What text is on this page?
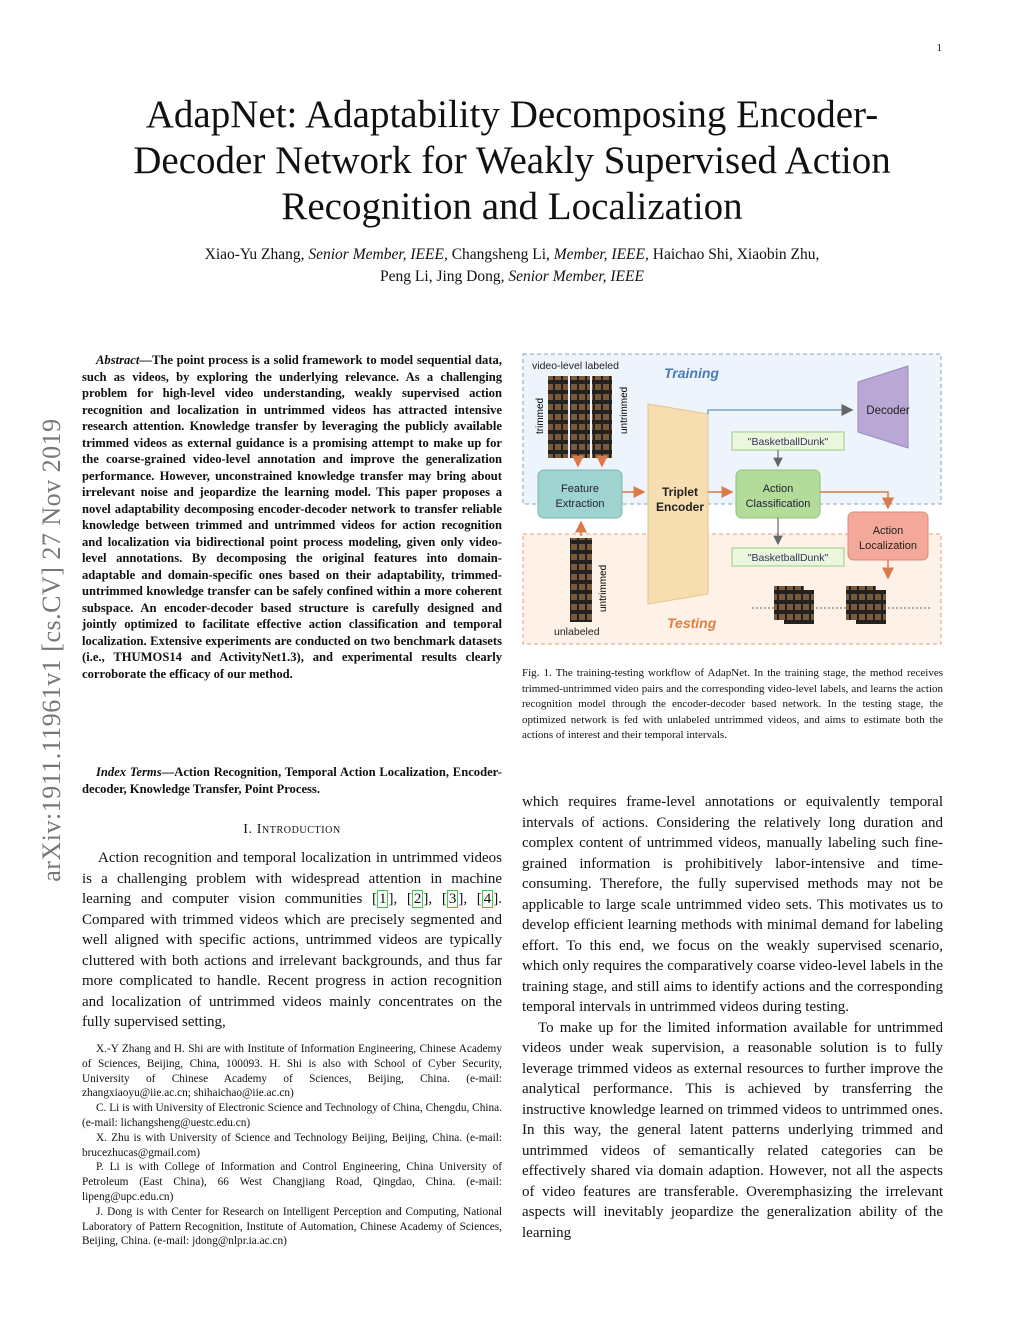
1
arXiv:1911.11961v1 [cs.CV] 27 Nov 2019
AdapNet: Adaptability Decomposing Encoder-Decoder Network for Weakly Supervised Action Recognition and Localization
Xiao-Yu Zhang, Senior Member, IEEE, Changsheng Li, Member, IEEE, Haichao Shi, Xiaobin Zhu,
Peng Li, Jing Dong, Senior Member, IEEE
Abstract—The point process is a solid framework to model sequential data, such as videos, by exploring the underlying relevance. As a challenging problem for high-level video understanding, weakly supervised action recognition and localization in untrimmed videos has attracted intensive research attention. Knowledge transfer by leveraging the publicly available trimmed videos as external guidance is a promising attempt to make up for the coarse-grained video-level annotation and improve the generalization performance. However, unconstrained knowledge transfer may bring about irrelevant noise and jeopardize the learning model. This paper proposes a novel adaptability decomposing encoder-decoder network to transfer reliable knowledge between trimmed and untrimmed videos for action recognition and localization via bidirectional point process modeling, given only video-level annotations. By decomposing the original features into domain-adaptable and domain-specific ones based on their adaptability, trimmed-untrimmed knowledge transfer can be safely confined within a more coherent subspace. An encoder-decoder based structure is carefully designed and jointly optimized to facilitate effective action classification and temporal localization. Extensive experiments are conducted on two benchmark datasets (i.e., THUMOS14 and ActivityNet1.3), and experimental results clearly corroborate the efficacy of our method.
Index Terms—Action Recognition, Temporal Action Localization, Encoder-decoder, Knowledge Transfer, Point Process.
I. Introduction
Action recognition and temporal localization in untrimmed videos is a challenging problem with widespread attention in machine learning and computer vision communities [ 1 ], [ 2 ], [ 3 ], [ 4 ]. Compared with trimmed videos which are precisely segmented and well aligned with specific actions, untrimmed videos are typically cluttered with both actions and irrelevant backgrounds, and thus far more complicated to handle. Recent progress in action recognition and localization of untrimmed videos mainly concentrates on the fully supervised setting,

X.-Y Zhang and H. Shi are with Institute of Information Engineering, Chinese Academy of Sciences, Beijing, China, 100093. H. Shi is also with School of Cyber Security, University of Chinese Academy of Sciences, Beijing, China. (e-mail: zhangxiaoyu@iie.ac.cn; shihaichao@iie.ac.cn)

C. Li is with University of Electronic Science and Technology of China, Chengdu, China. (e-mail: lichangsheng@uestc.edu.cn)

X. Zhu is with University of Science and Technology Beijing, Beijing, China. (e-mail: brucezhucas@gmail.com)

P. Li is with College of Information and Control Engineering, China University of Petroleum (East China), 66 West Changjiang Road, Qingdao, China. (e-mail: lipeng@upc.edu.cn)

J. Dong is with Center for Research on Intelligent Perception and Computing, National Laboratory of Pattern Recognition, Institute of Automation, Chinese Academy of Sciences, Beijing, China. (e-mail: jdong@nlpr.ia.ac.cn)

Training
Testing
video-level labeled
trimmed	untrimmed
untrimmed
unlabeled
Feature
Extraction
Triplet
Encoder
Action
Classification
"BasketballDunk"
"BasketballDunk"
Decoder
Action
Localization
Fig. 1. The training-testing workflow of AdapNet. In the training stage, the method receives trimmed-untrimmed video pairs and the corresponding video-level labels, and learns the action recognition model through the encoder-decoder based network. In the testing stage, the optimized network is fed with unlabeled untrimmed videos, and aims to estimate both the actions of interest and their temporal intervals.

which requires frame-level annotations or equivalently temporal intervals of actions. Considering the relatively long duration and complex content of untrimmed videos, manually labeling such fine-grained information is prohibitively labor-intensive and time-consuming. Therefore, the fully supervised methods may not be applicable to large scale untrimmed video sets. This motivates us to develop efficient learning methods with minimal demand for labeling effort. To this end, we focus on the weakly supervised scenario, which only requires the comparatively coarse video-level labels in the training stage, and still aims to identify actions and the corresponding temporal intervals in untrimmed videos during testing.

To make up for the limited information available for untrimmed videos under weak supervision, a reasonable solution is to fully leverage trimmed videos as external resources to further improve the analytical performance. This is achieved by transferring the instructive knowledge learned on trimmed videos to untrimmed ones. In this way, the general latent patterns underlying trimmed and untrimmed videos of semantically related categories can be effectively shared via domain adaption. However, not all the aspects of video features are transferable. Overemphasizing the irrelevant aspects will inevitably jeopardize the generalization ability of the learning
